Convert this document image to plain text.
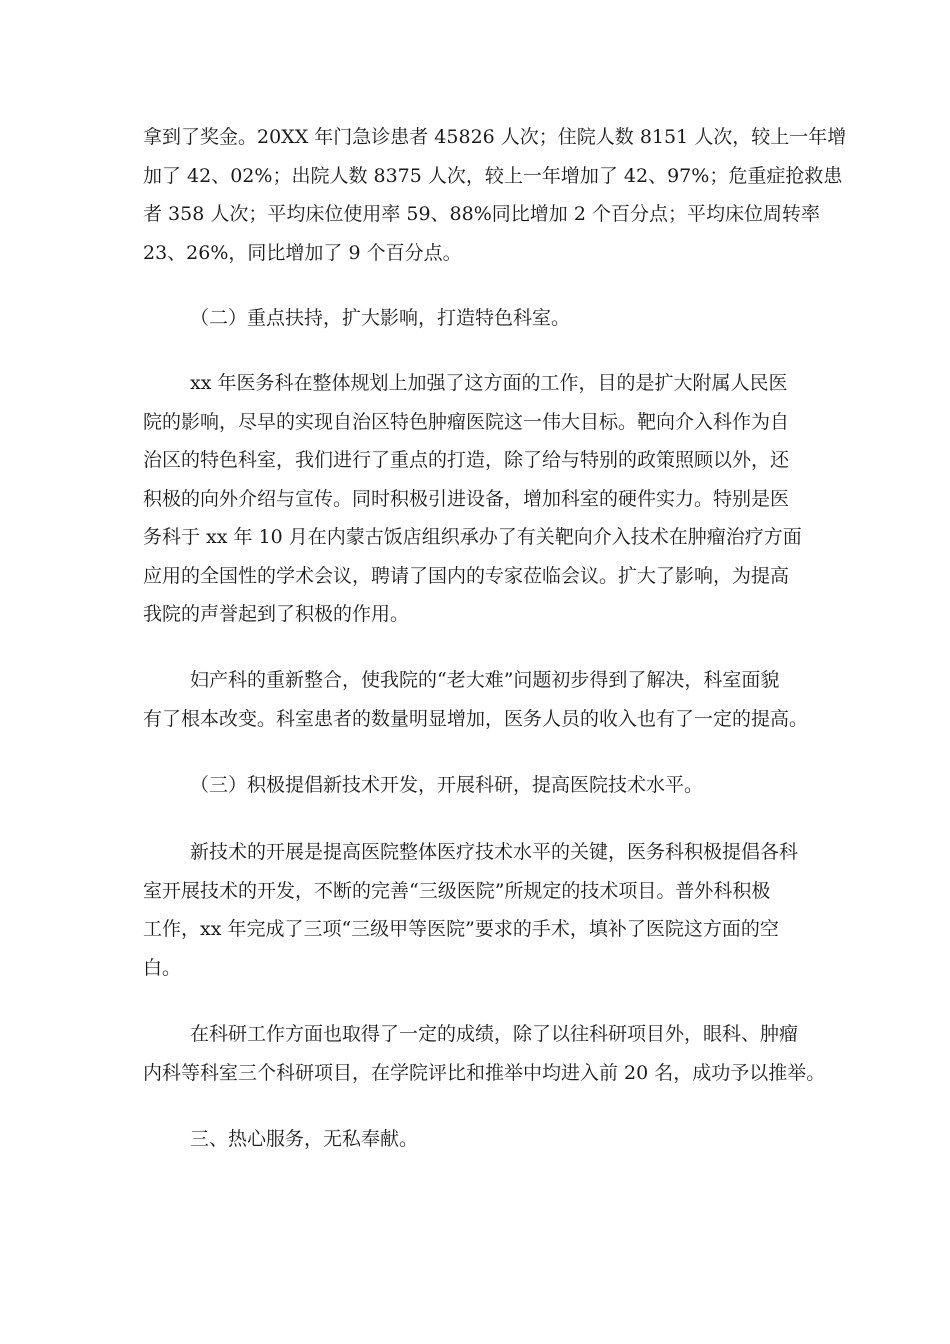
拿到了奖金。20XX 年门急诊患者 45826 人次；住院人数 8151 人次，较上一年增
加了 42、02%；出院人数 8375 人次，较上一年增加了 42、97%；危重症抢救患
者 358 人次；平均床位使用率 59、88%同比增加 2 个百分点；平均床位周转率
23、26%，同比增加了 9 个百分点。
（二）重点扶持，扩大影响，打造特色科室。
xx 年医务科在整体规划上加强了这方面的工作，目的是扩大附属人民医
院的影响，尽早的实现自治区特色肿瘤医院这一伟大目标。靶向介入科作为自
治区的特色科室，我们进行了重点的打造，除了给与特别的政策照顾以外，还
积极的向外介绍与宣传。同时积极引进设备，增加科室的硬件实力。特别是医
务科于 xx 年 10 月在内蒙古饭店组织承办了有关靶向介入技术在肿瘤治疗方面
应用的全国性的学术会议，聘请了国内的专家莅临会议。扩大了影响，为提高
我院的声誉起到了积极的作用。
妇产科的重新整合，使我院的“老大难”问题初步得到了解决，科室面貌
有了根本改变。科室患者的数量明显增加，医务人员的收入也有了一定的提高。
（三）积极提倡新技术开发，开展科研，提高医院技术水平。
新技术的开展是提高医院整体医疗技术水平的关键，医务科积极提倡各科
室开展技术的开发，不断的完善“三级医院”所规定的技术项目。普外科积极
工作，xx 年完成了三项“三级甲等医院”要求的手术，填补了医院这方面的空
白。
在科研工作方面也取得了一定的成绩，除了以往科研项目外，眼科、肿瘤
内科等科室三个科研项目，在学院评比和推举中均进入前 20 名，成功予以推举。
三、热心服务，无私奉献。
